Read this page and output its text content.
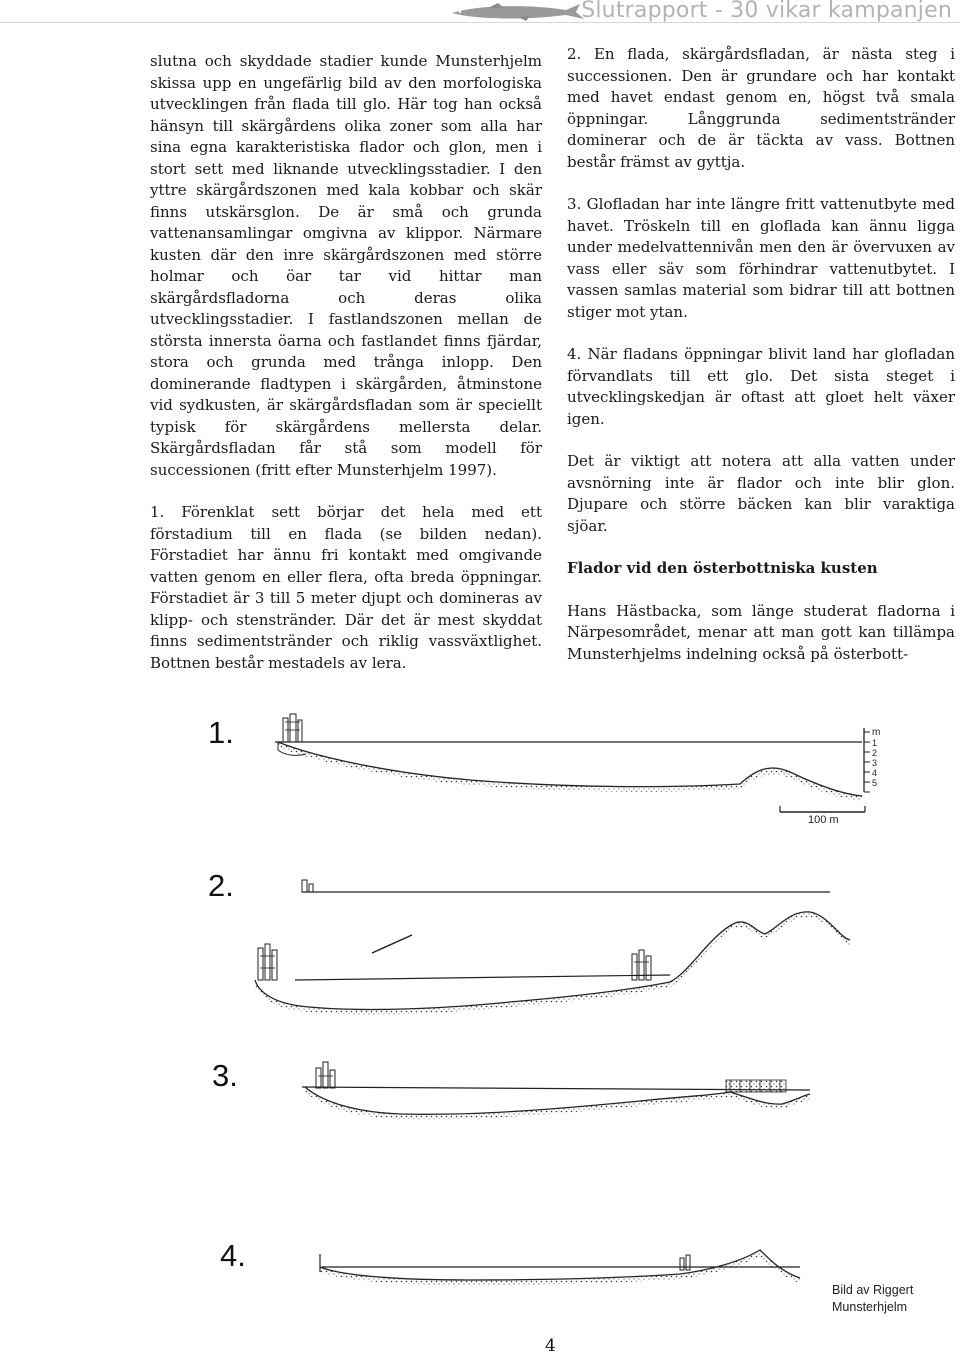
Slutrapport - 30 vikar kampanjen

slutna och skyddade stadier kunde Munsterhjelm skissa upp en ungefärlig bild av den morfologiska utvecklingen från flada till glo. Här tog han också hänsyn till skärgårdens olika zoner som alla har sina egna karakteristiska flador och glon, men i stort sett med liknande utvecklingsstadier. I den yttre skärgårdszonen med kala kobbar och skär finns utskärsglon. De är små och grunda vattenansamlingar omgivna av klippor. Närmare kusten där den inre skärgårdszonen med större holmar och öar tar vid hittar man skärgårdsfladorna och deras olika utvecklingsstadier. I fastlandszonen mellan de största innersta öarna och fastlandet finns fjärdar, stora och grunda med trånga inlopp. Den dominerande fladtypen i skärgården, åtminstone vid sydkusten, är skärgårdsfladan som är speciellt typisk för skärgårdens mellersta delar. Skärgårdsfladan får stå som modell för successionen (fritt efter Munsterhjelm 1997).

1. Förenklat sett börjar det hela med ett förstadium till en flada (se bilden nedan). Förstadiet har ännu fri kontakt med omgivande vatten genom en eller flera, ofta breda öppningar. Förstadiet är 3 till 5 meter djupt och domineras av klipp- och stenstränder. Där det är mest skyddat finns sedimentstränder och riklig vassväxtlighet. Bottnen består mestadels av lera.

2. En flada, skärgårdsfladan, är nästa steg i successionen. Den är grundare och har kontakt med havet endast genom en, högst två smala öppningar. Långgrunda sedimentstränder dominerar och de är täckta av vass. Bottnen består främst av gyttja.

3. Glofladan har inte längre fritt vattenutbyte med havet. Tröskeln till en gloflada kan ännu ligga under medelvattennivån men den är övervuxen av vass eller säv som förhindrar vattenutbytet. I vassen samlas material som bidrar till att bottnen stiger mot ytan.

4. När fladans öppningar blivit land har glofladan förvandlats till ett glo. Det sista steget i utvecklingskedjan är oftast att gloet helt växer igen.

Det är viktigt att notera att alla vatten under avsnörning inte är flador och inte blir glon. Djupare och större bäcken kan blir varaktiga sjöar.

Flador vid den österbottniska kusten

Hans Hästbacka, som länge studerat fladorna i Närpesområdet, menar att man gott kan tillämpa Munsterhjelms indelning också på österbott-

1.
2.
3.
4.
m
1
2
3
4
5
100 m
Bild av Riggert
Munsterhjelm
4
